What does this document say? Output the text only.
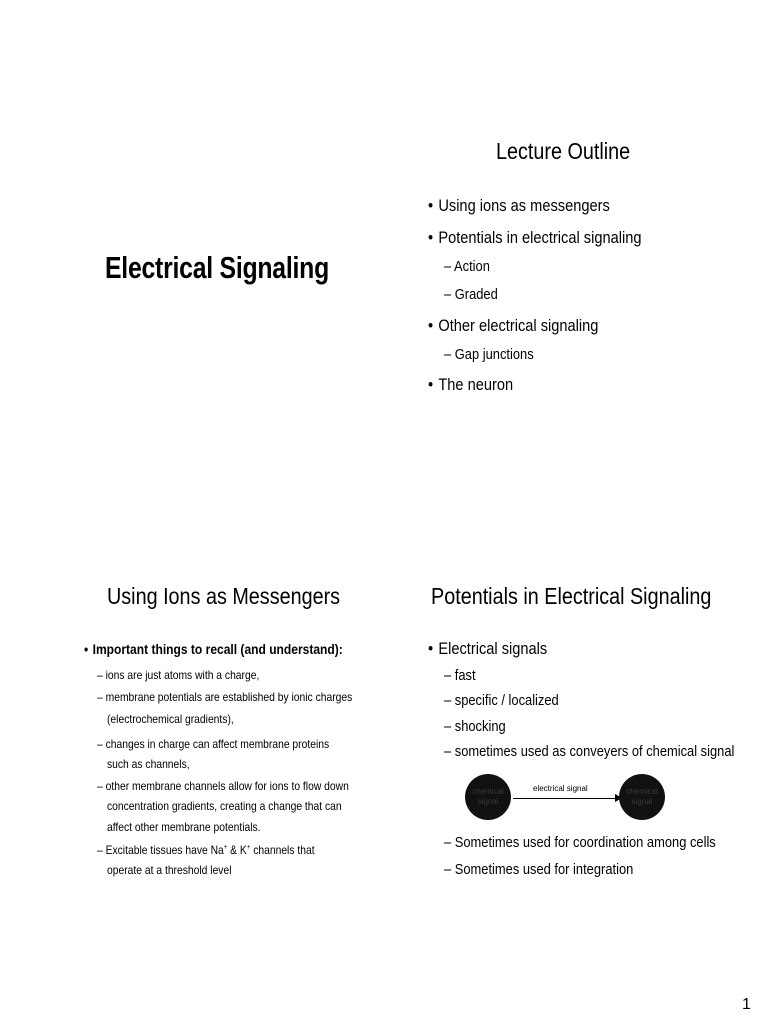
Electrical Signaling
Lecture Outline
• Using ions as messengers
• Potentials in electrical signaling
– Action
– Graded
• Other electrical signaling
– Gap junctions
• The neuron
Using Ions as Messengers
• Important things to recall (and understand):
– ions are just atoms with a charge,
– membrane potentials are established by ionic charges
(electrochemical gradients),
– changes in charge can affect membrane proteins
such as channels,
– other membrane channels allow for ions to flow down
concentration gradients, creating a change that can
affect other membrane potentials.
– Excitable tissues have Na+ & K+ channels that
operate at a threshold level
Potentials in Electrical Signaling
• Electrical signals
– fast
– specific / localized
– shocking
– sometimes used as conveyers of chemical signal
chemical
signal
electrical signal	chemical
signal
– Sometimes used for coordination among cells
– Sometimes used for integration
1
